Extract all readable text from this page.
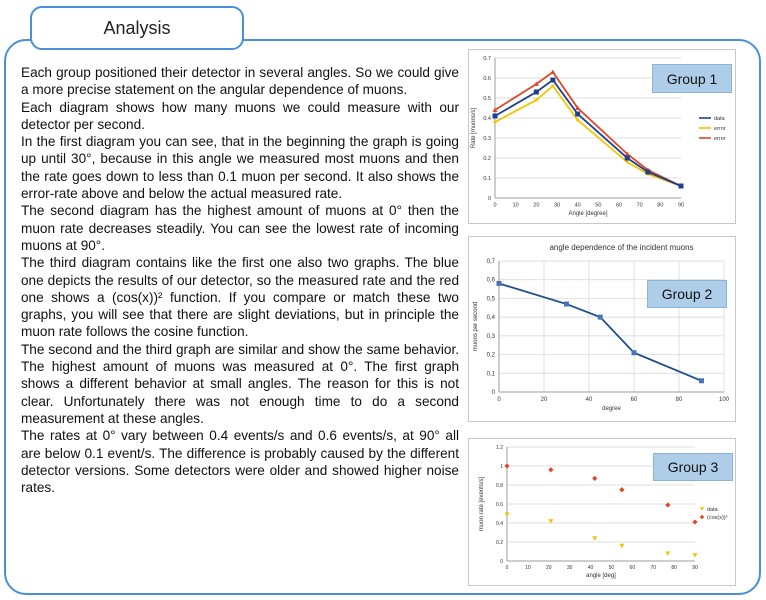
Analysis

Each group positioned their detector in several angles. So we could give a more precise statement on the angular dependence of muons.

Each diagram shows how many muons we could measure with our detector per second.

In the first diagram you can see, that in the beginning the graph is going up until 30°, because in this angle we measured most muons and then the rate goes down to less than 0.1 muon per second. It also shows the error-rate above and below the actual measured rate.

The second diagram has the highest amount of muons at 0° then the muon rate decreases steadily. You can see the lowest rate of incoming muons at 90°.

The third diagram contains like the first one also two graphs. The blue one depicts the results of our detector, so the measured rate and the red one shows a (cos(x))² function. If you compare or match these two graphs, you will see that there are slight deviations, but in principle the muon rate follows the cosine function.

The second and the third graph are similar and show the same behavior. The highest amount of muons was measured at 0°. The first graph shows a different behavior at small angles. The reason for this is not clear. Unfortunately there was not enough time to do a second measurement at these angles.

The rates at 0° vary between 0.4 events/s and 0.6 events/s, at 90° all are below 0.1 event/s. The difference is probably caused by the different detector versions. Some detectors were older and showed higher noise rates.

0
0.1
0.2
0.3
0.4
0.5
0.6
0.7
0	10	20	30	40	50	60	70	80	90
Angle [degree]
Rate [muons/s]	data
error
error
Group 1
0
0,1
0,2
0,3
0,4
0,5
0,6
0,7
0	20	40	60	80	100
degree
muons per second
angle dependence of the incident muons
Group 2
0
0.2
0.4
0.6
0.8
1
1.2
0	10	20	30	40	50	60	70	80	90
angle [deg]
muon rate [events/s]	data
(cos(x))²
Group 3
